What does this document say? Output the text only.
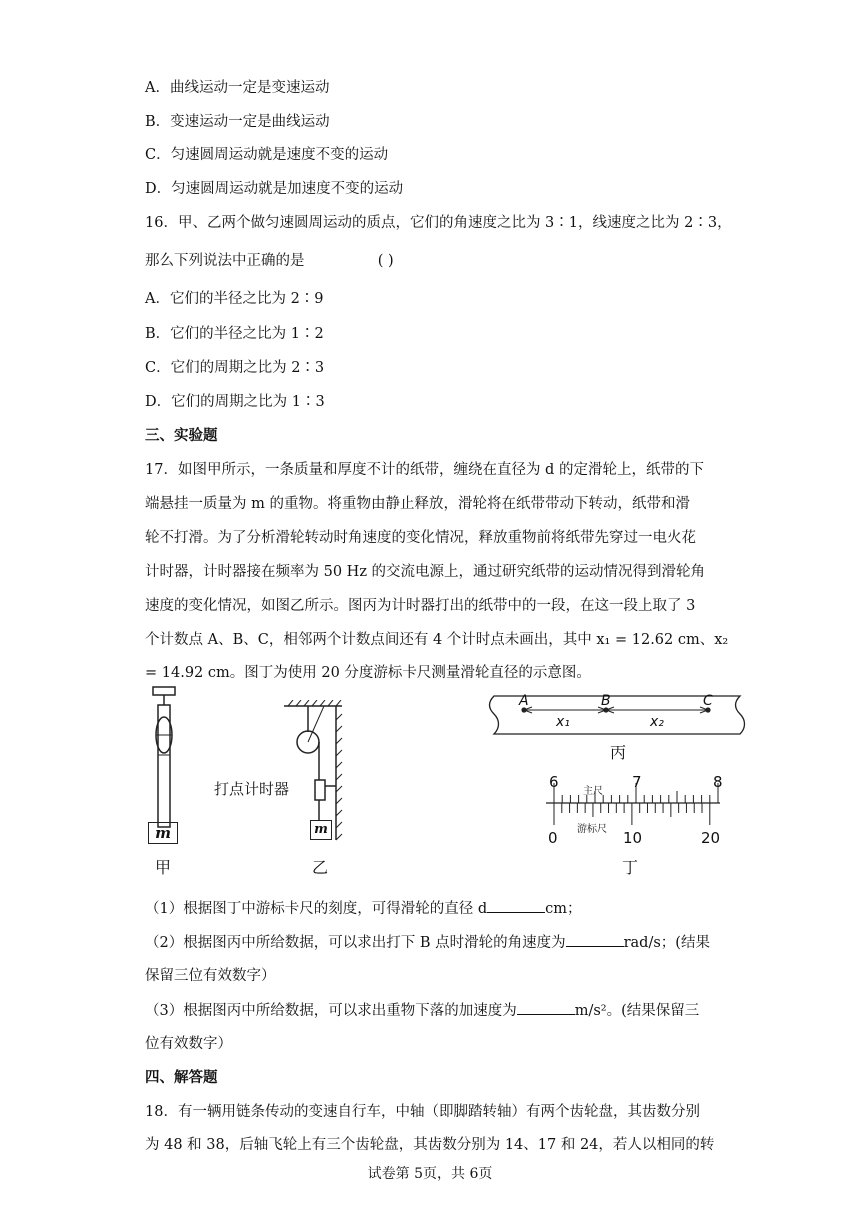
A．曲线运动一定是变速运动
B．变速运动一定是曲线运动
C．匀速圆周运动就是速度不变的运动
D．匀速圆周运动就是加速度不变的运动
16．甲、乙两个做匀速圆周运动的质点，它们的角速度之比为 3∶1，线速度之比为 2∶3，
那么下列说法中正确的是	( )
A．它们的半径之比为 2∶9
B．它们的半径之比为 1∶2
C．它们的周期之比为 2∶3
D．它们的周期之比为 1∶3
三、实验题
17．如图甲所示，一条质量和厚度不计的纸带，缠绕在直径为 d 的定滑轮上，纸带的下
端悬挂一质量为 m 的重物。将重物由静止释放，滑轮将在纸带带动下转动，纸带和滑
轮不打滑。为了分析滑轮转动时角速度的变化情况，释放重物前将纸带先穿过一电火花
计时器，计时器接在频率为 50 Hz 的交流电源上，通过研究纸带的运动情况得到滑轮角
速度的变化情况，如图乙所示。图丙为计时器打出的纸带中的一段，在这一段上取了 3
个计数点 A、B、C，相邻两个计数点间还有 4 个计时点未画出，其中 x₁ = 12.62 cm、x₂
= 14.92 cm。图丁为使用 20 分度游标卡尺测量滑轮直径的示意图。
m
甲
打点计时器
m
乙
A	B	C
x₁	x₂
丙
6	7	8
主尺
游标尺
0	10	20
丁
（1）根据图丁中游标卡尺的刻度，可得滑轮的直径 d	cm；
（2）根据图丙中所给数据，可以求出打下 B 点时滑轮的角速度为	rad/s；(结果
保留三位有效数字）
（3）根据图丙中所给数据，可以求出重物下落的加速度为	m/s²。(结果保留三
位有效数字）
四、解答题
18．有一辆用链条传动的变速自行车，中轴（即脚踏转轴）有两个齿轮盘，其齿数分别
为 48 和 38，后轴飞轮上有三个齿轮盘，其齿数分别为 14、17 和 24，若人以相同的转
试卷第 5页，共 6页
